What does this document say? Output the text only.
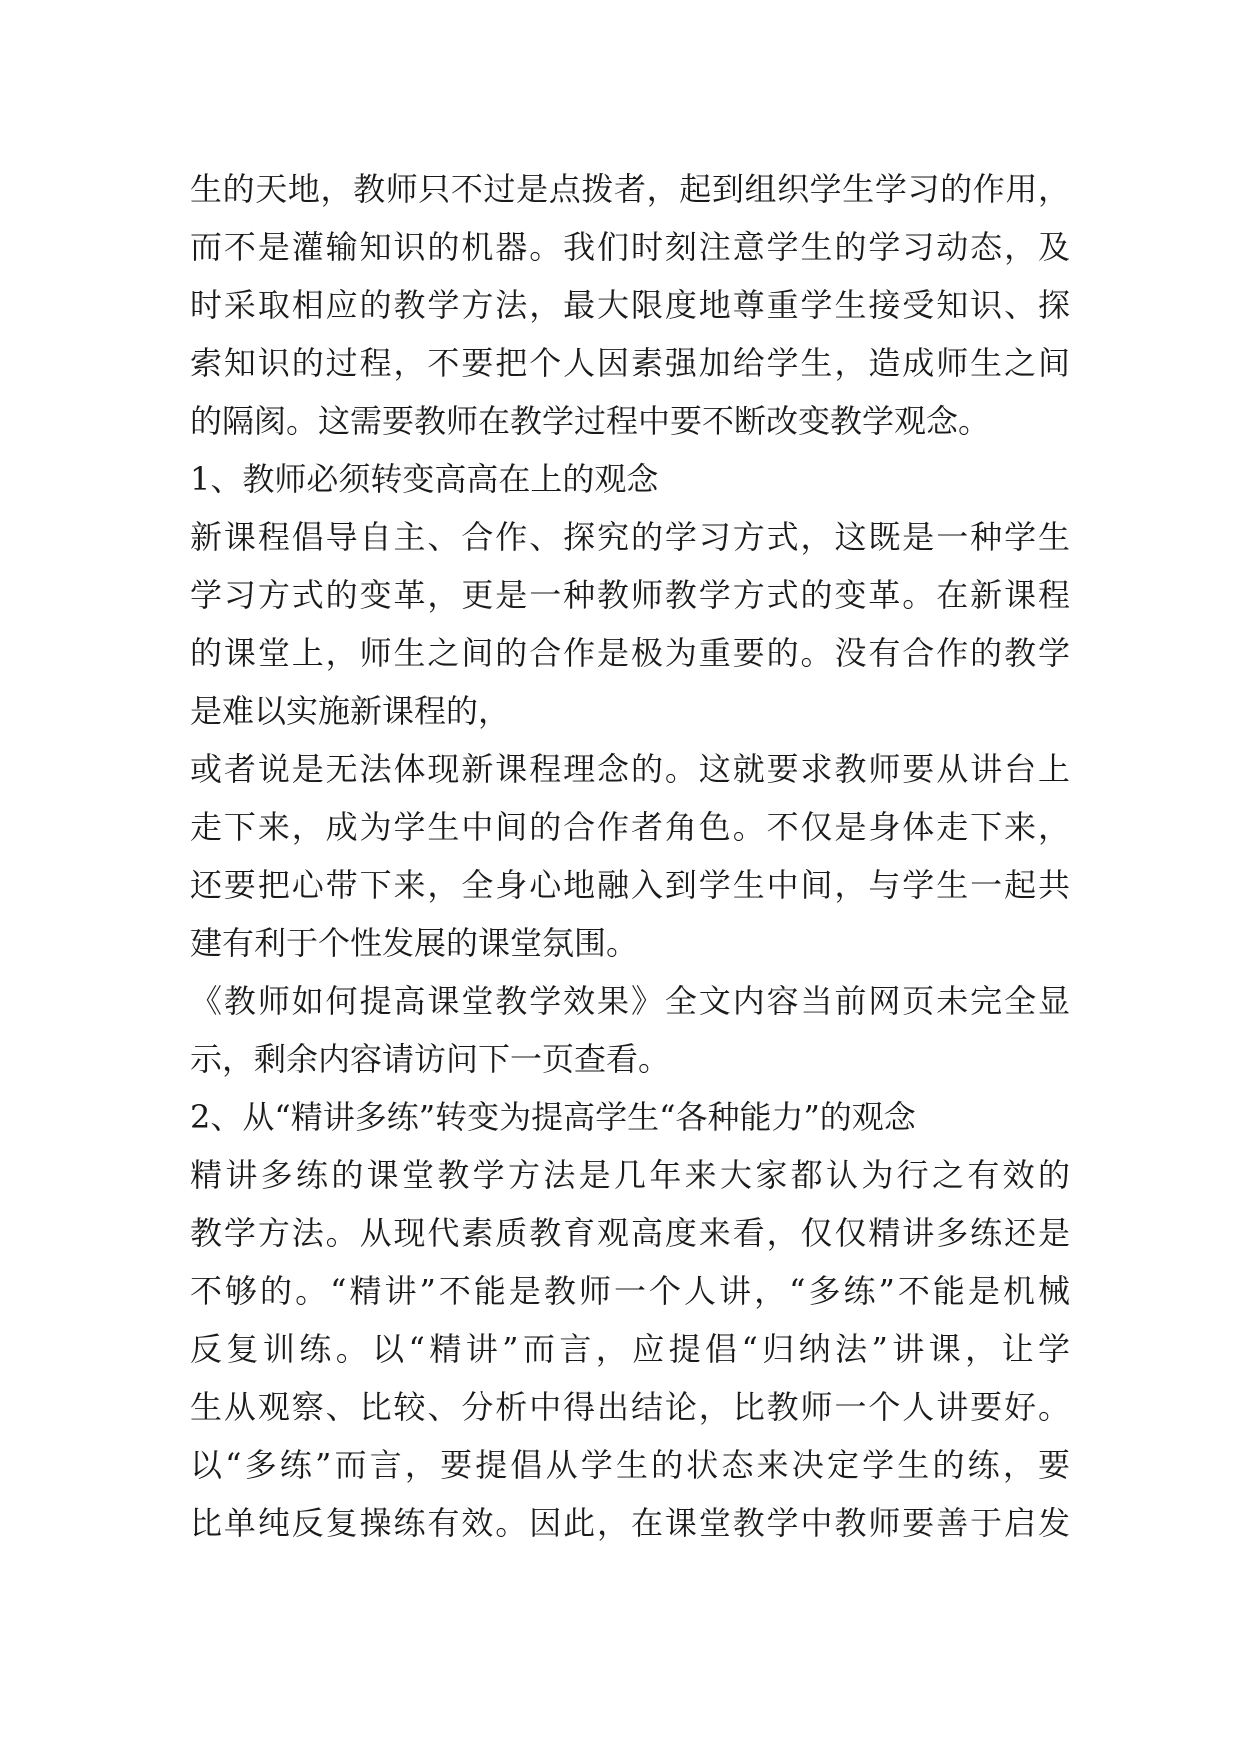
生的天地，教师只不过是点拨者，起到组织学生学习的作用，
而不是灌输知识的机器。我们时刻注意学生的学习动态，及
时采取相应的教学方法，最大限度地尊重学生接受知识、探
索知识的过程，不要把个人因素强加给学生，造成师生之间
的隔阂。这需要教师在教学过程中要不断改变教学观念。
1、教师必须转变高高在上的观念
新课程倡导自主、合作、探究的学习方式，这既是一种学生
学习方式的变革，更是一种教师教学方式的变革。在新课程
的课堂上，师生之间的合作是极为重要的。没有合作的教学
是难以实施新课程的，
或者说是无法体现新课程理念的。这就要求教师要从讲台上
走下来，成为学生中间的合作者角色。不仅是身体走下来，
还要把心带下来，全身心地融入到学生中间，与学生一起共
建有利于个性发展的课堂氛围。
《教师如何提高课堂教学效果》全文内容当前网页未完全显
示，剩余内容请访问下一页查看。
2、从“精讲多练”转变为提高学生“各种能力”的观念
精讲多练的课堂教学方法是几年来大家都认为行之有效的
教学方法。从现代素质教育观高度来看，仅仅精讲多练还是
不够的。“精讲”不能是教师一个人讲，“多练”不能是机械
反复训练。以“精讲”而言，应提倡“归纳法”讲课，让学
生从观察、比较、分析中得出结论，比教师一个人讲要好。
以“多练”而言，要提倡从学生的状态来决定学生的练，要
比单纯反复操练有效。因此，在课堂教学中教师要善于启发
